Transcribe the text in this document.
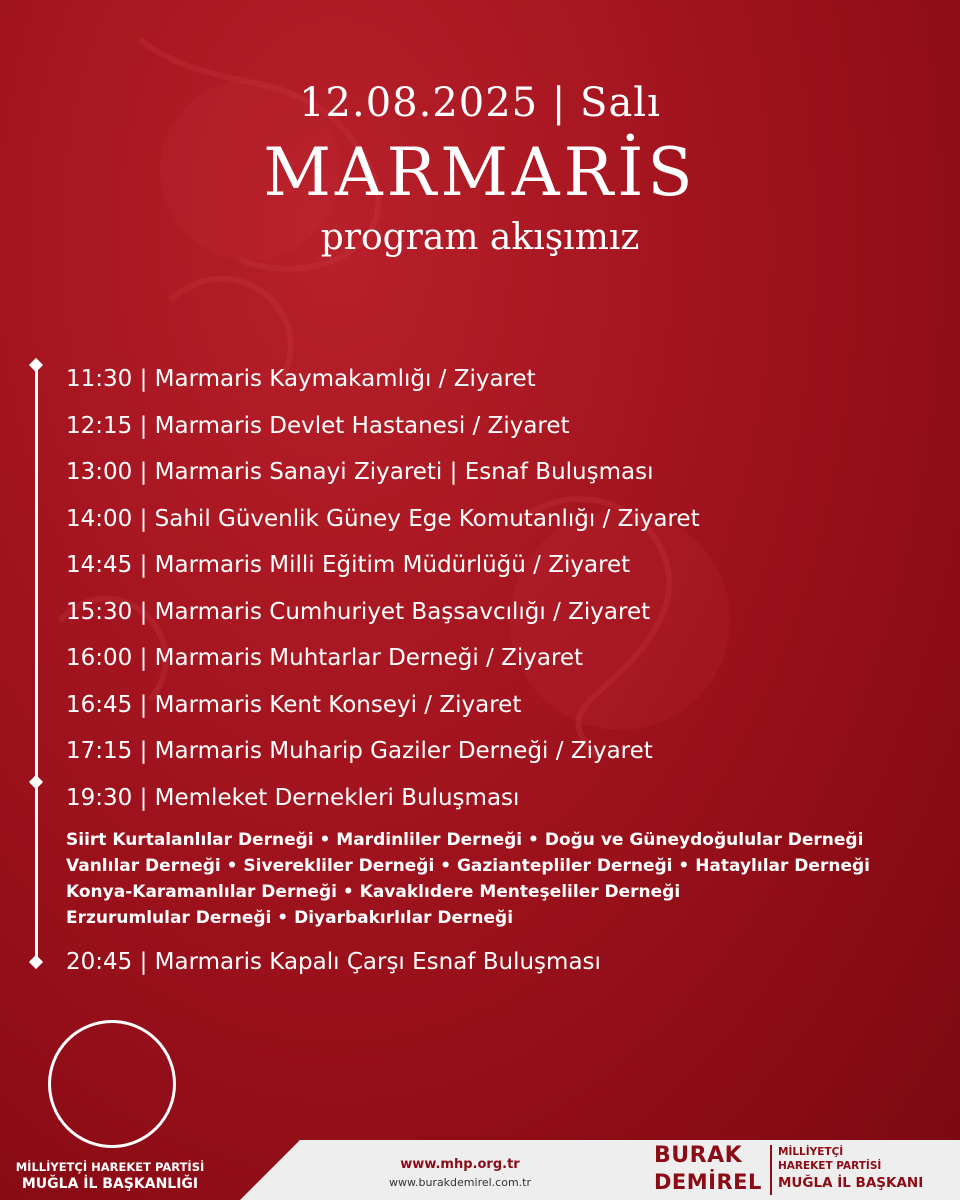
12.08.2025 | Salı
MARMARİS
program akışımız
11:30 | Marmaris Kaymakamlığı / Ziyaret
12:15 | Marmaris Devlet Hastanesi / Ziyaret
13:00 | Marmaris Sanayi Ziyareti | Esnaf Buluşması
14:00 | Sahil Güvenlik Güney Ege Komutanlığı / Ziyaret
14:45 | Marmaris Milli Eğitim Müdürlüğü / Ziyaret
15:30 | Marmaris Cumhuriyet Başsavcılığı / Ziyaret
16:00 | Marmaris Muhtarlar Derneği / Ziyaret
16:45 | Marmaris Kent Konseyi / Ziyaret
17:15 | Marmaris Muharip Gaziler Derneği / Ziyaret
19:30 | Memleket Dernekleri Buluşması
Siirt Kurtalanlılar Derneği • Mardinliler Derneği • Doğu ve Güneydoğulular Derneği
Vanlılar Derneği • Siverekliler Derneği • Gaziantepliler Derneği • Hataylılar Derneği
Konya-Karamanlılar Derneği • Kavaklıdere Menteşeliler Derneği
Erzurumlular Derneği • Diyarbakırlılar Derneği
20:45 | Marmaris Kapalı Çarşı Esnaf Buluşması
MİLLİYETÇİ HAREKET PARTİSİ
MUĞLA İL BAŞKANLIĞI
www.mhp.org.tr
www.burakdemirel.com.tr
BURAK
DEMİREL
MİLLİYETÇİ
HAREKET PARTİSİ
MUĞLA İL BAŞKANI
